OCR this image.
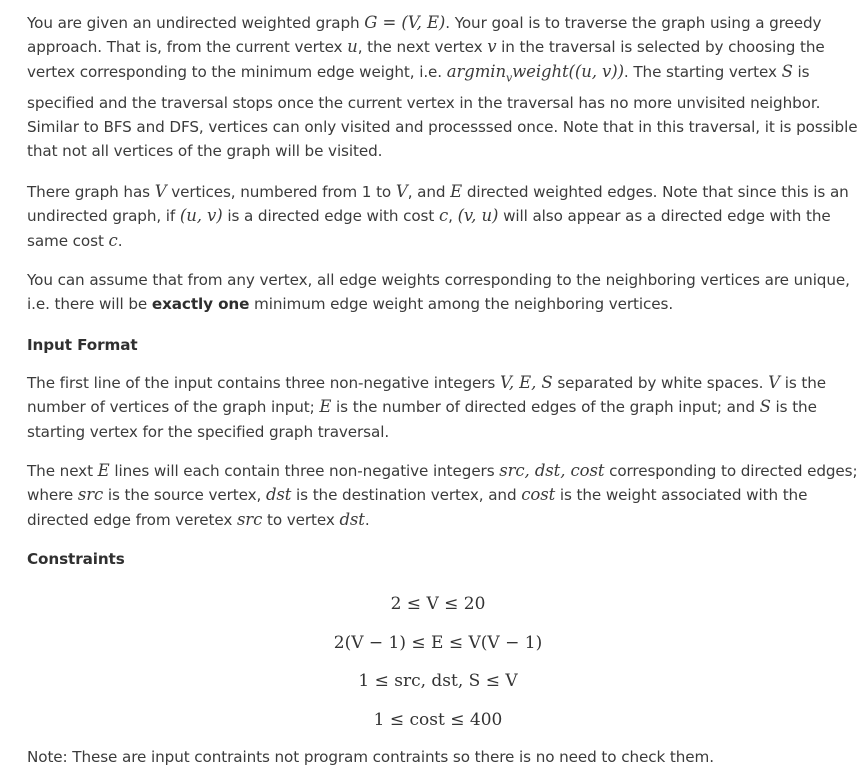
You are given an undirected weighted graph G = (V, E). Your goal is to traverse the graph using a greedy approach. That is, from the current vertex u, the next vertex v in the traversal is selected by choosing the vertex corresponding to the minimum edge weight, i.e. argmin$_v$weight((u, v)). The starting vertex S is specified and the traversal stops once the current vertex in the traversal has no more unvisited neighbor. Similar to BFS and DFS, vertices can only visited and processsed once. Note that in this traversal, it is possible that not all vertices of the graph will be visited.

There graph has V vertices, numbered from 1 to V, and E directed weighted edges. Note that since this is an undirected graph, if (u, v) is a directed edge with cost c, (v, u) will also appear as a directed edge with the same cost c.

You can assume that from any vertex, all edge weights corresponding to the neighboring vertices are unique, i.e. there will be exactly one minimum edge weight among the neighboring vertices.

Input Format

The first line of the input contains three non-negative integers V, E, S separated by white spaces. V is the number of vertices of the graph input; E is the number of directed edges of the graph input; and S is the starting vertex for the specified graph traversal.

The next E lines will each contain three non-negative integers src, dst, cost corresponding to directed edges; where src is the source vertex, dst is the destination vertex, and cost is the weight associated with the directed edge from veretex src to vertex dst.

Constraints

2 ≤ V ≤ 20
2(V − 1) ≤ E ≤ V(V − 1)
1 ≤ src, dst, S ≤ V
1 ≤ cost ≤ 400

Note: These are input contraints not program contraints so there is no need to check them.
